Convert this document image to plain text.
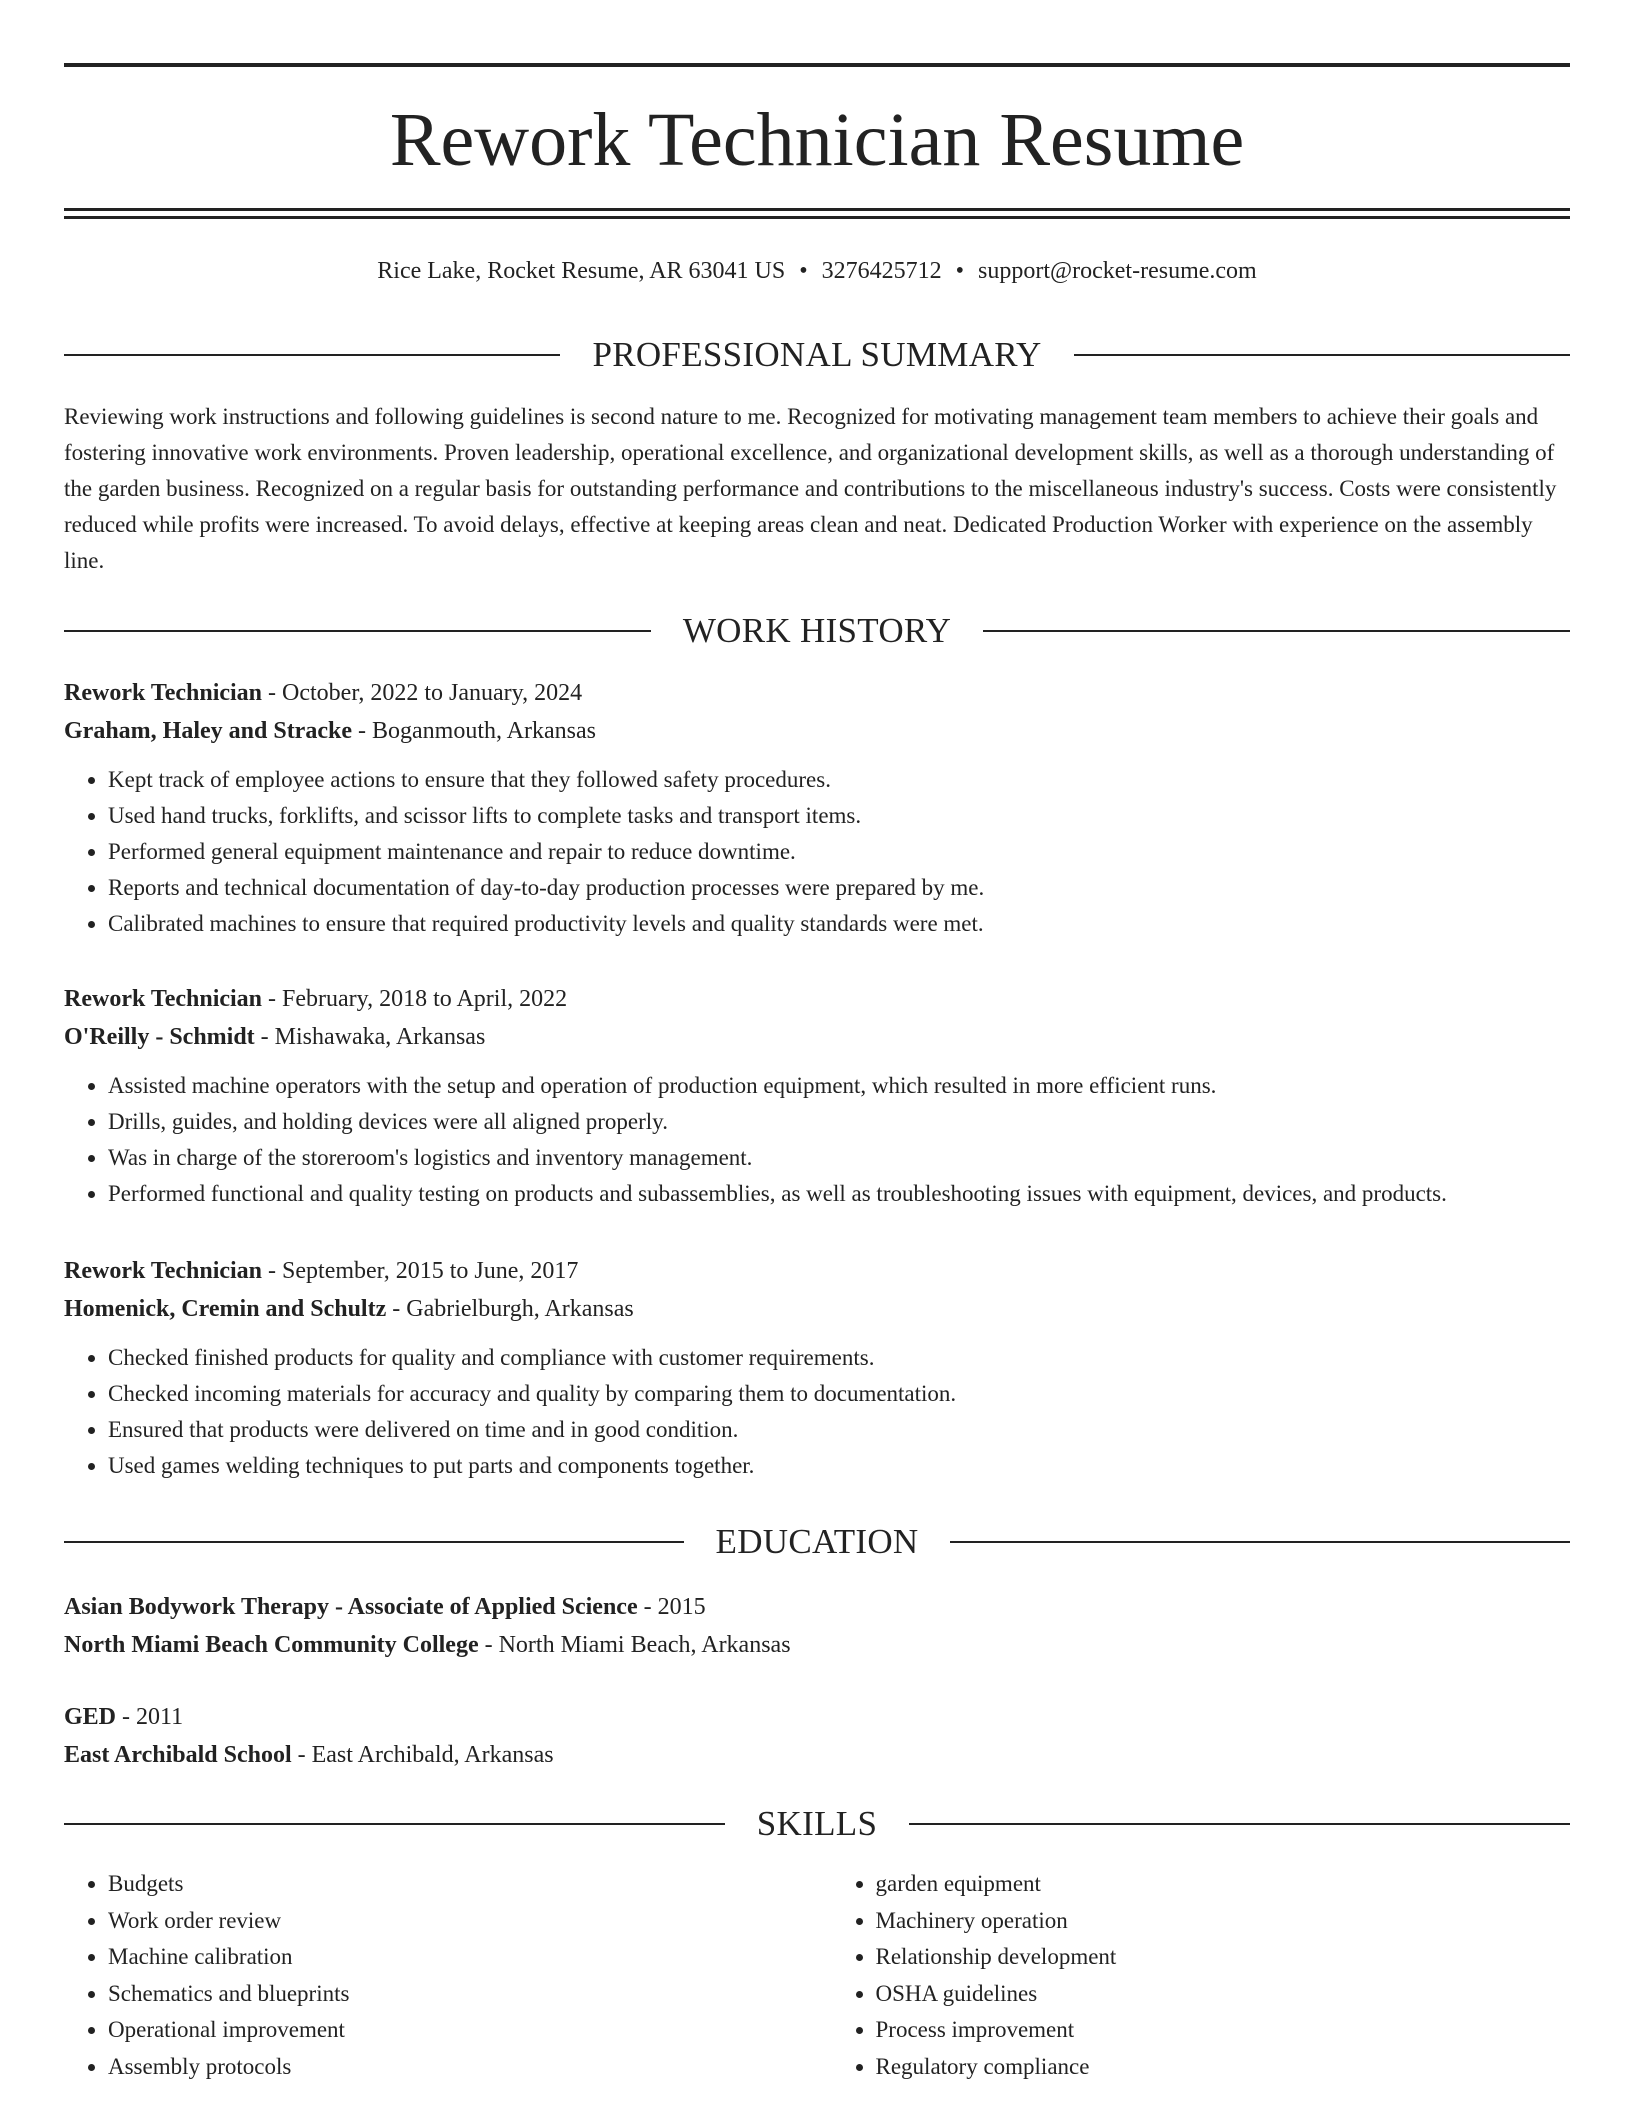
Rework Technician Resume
Rice Lake, Rocket Resume, AR 63041 US • 3276425712 • support@rocket-resume.com
PROFESSIONAL SUMMARY

Reviewing work instructions and following guidelines is second nature to me. Recognized for motivating management team members to achieve their goals and fostering innovative work environments. Proven leadership, operational excellence, and organizational development skills, as well as a thorough understanding of the garden business. Recognized on a regular basis for outstanding performance and contributions to the miscellaneous industry's success. Costs were consistently reduced while profits were increased. To avoid delays, effective at keeping areas clean and neat. Dedicated Production Worker with experience on the assembly line.

WORK HISTORY
Rework Technician - October, 2022 to January, 2024
Graham, Haley and Stracke - Boganmouth, Arkansas
• Kept track of employee actions to ensure that they followed safety procedures.
• Used hand trucks, forklifts, and scissor lifts to complete tasks and transport items.
• Performed general equipment maintenance and repair to reduce downtime.
• Reports and technical documentation of day-to-day production processes were prepared by me.
• Calibrated machines to ensure that required productivity levels and quality standards were met.
Rework Technician - February, 2018 to April, 2022
O'Reilly - Schmidt - Mishawaka, Arkansas
• Assisted machine operators with the setup and operation of production equipment, which resulted in more efficient runs.
• Drills, guides, and holding devices were all aligned properly.
• Was in charge of the storeroom's logistics and inventory management.
• Performed functional and quality testing on products and subassemblies, as well as troubleshooting issues with equipment, devices, and products.
Rework Technician - September, 2015 to June, 2017
Homenick, Cremin and Schultz - Gabrielburgh, Arkansas
• Checked finished products for quality and compliance with customer requirements.
• Checked incoming materials for accuracy and quality by comparing them to documentation.
• Ensured that products were delivered on time and in good condition.
• Used games welding techniques to put parts and components together.
EDUCATION
Asian Bodywork Therapy - Associate of Applied Science - 2015
North Miami Beach Community College - North Miami Beach, Arkansas
GED - 2011
East Archibald School - East Archibald, Arkansas
SKILLS
• Budgets
• Work order review
• Machine calibration
• Schematics and blueprints
• Operational improvement
• Assembly protocols
• garden equipment
• Machinery operation
• Relationship development
• OSHA guidelines
• Process improvement
• Regulatory compliance
